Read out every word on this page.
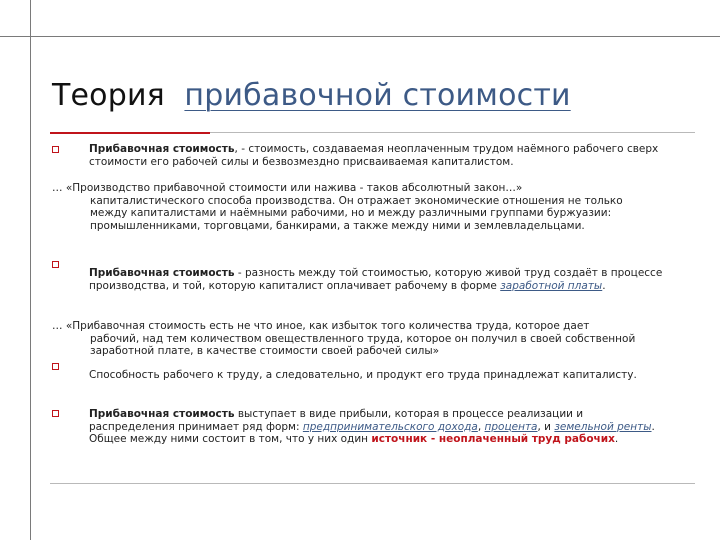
Теория прибавочной стоимости
Прибавочная стоимость, - стоимость, создаваемая неоплаченным трудом наёмного рабочего сверх стоимости его рабочей силы и безвозмездно присваиваемая капиталистом.
… «Производство прибавочной стоимости или нажива - таков абсолютный закон…»
капиталистического способа производства. Он отражает экономические отношения не только между капиталистами и наёмными рабочими, но и между различными группами буржуазии: промышленниками, торговцами, банкирами, а также между ними и землевладельцами.
Прибавочная стоимость - разность между той стоимостью, которую живой труд создаёт в процессе производства, и той, которую капиталист оплачивает рабочему в форме заработной платы.
… «Прибавочная стоимость есть не что иное, как избыток того количества труда, которое дает
рабочий, над тем количеством овеществленного труда, которое он получил в своей собственной заработной плате, в качестве стоимости своей рабочей силы»
Способность рабочего к труду, а следовательно, и продукт его труда принадлежат капиталисту.
Прибавочная стоимость выступает в виде прибыли, которая в процессе реализации и распределения принимает ряд форм: предпринимательского дохода, процента, и земельной ренты. Общее между ними состоит в том, что у них один источник - неоплаченный труд рабочих.
